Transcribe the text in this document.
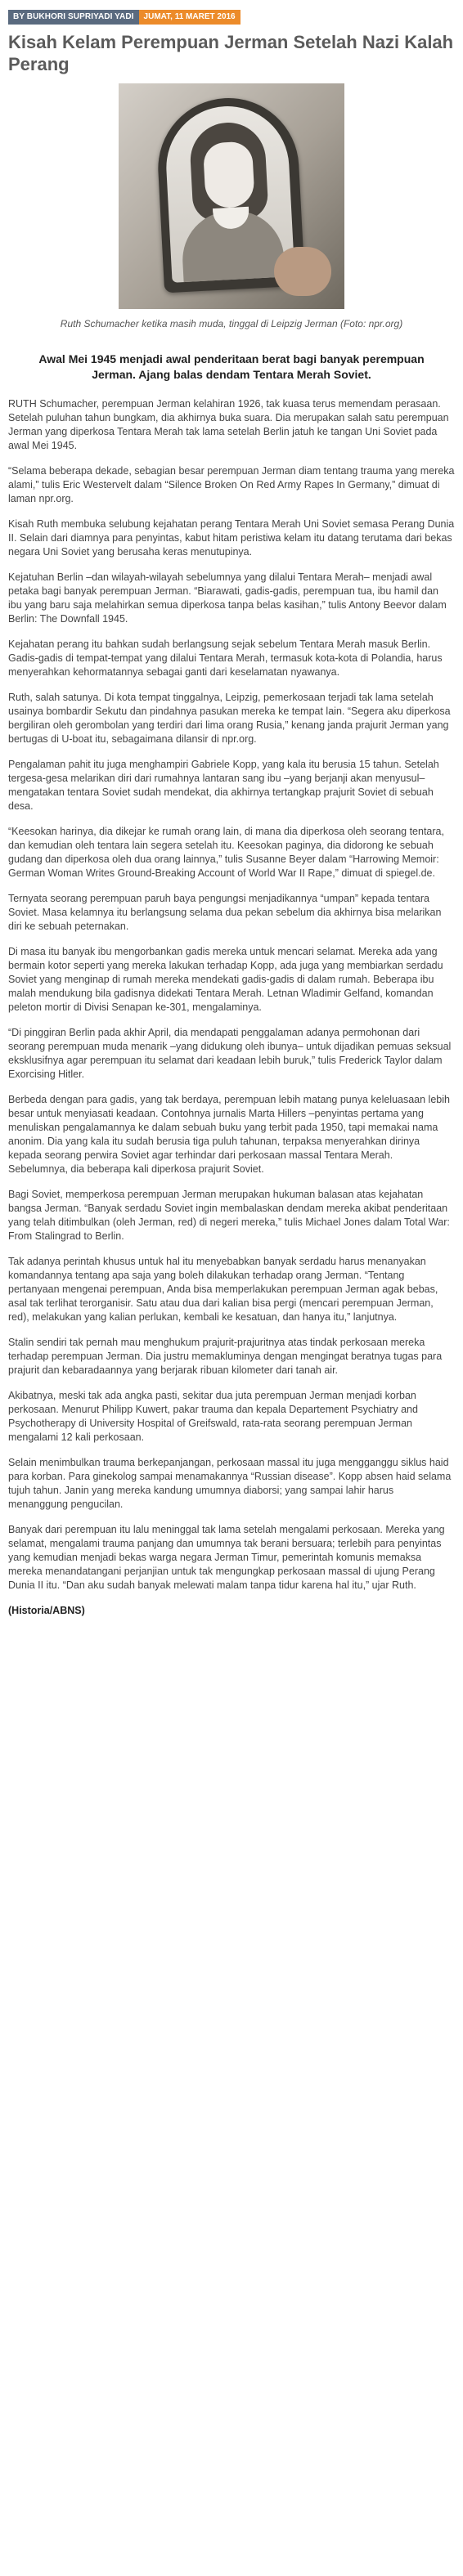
BY BUKHORI SUPRIYADI YADI	JUMAT, 11 MARET 2016
Kisah Kelam Perempuan Jerman Setelah Nazi Kalah Perang
Ruth Schumacher ketika masih muda, tinggal di Leipzig Jerman (Foto: npr.org)
Awal Mei 1945 menjadi awal penderitaan berat bagi banyak perempuan Jerman. Ajang balas dendam Tentara Merah Soviet.

RUTH Schumacher, perempuan Jerman kelahiran 1926, tak kuasa terus memendam perasaan. Setelah puluhan tahun bungkam, dia akhirnya buka suara. Dia merupakan salah satu perempuan Jerman yang diperkosa Tentara Merah tak lama setelah Berlin jatuh ke tangan Uni Soviet pada awal Mei 1945.

“Selama beberapa dekade, sebagian besar perempuan Jerman diam tentang trauma yang mereka alami,” tulis Eric Westervelt dalam “Silence Broken On Red Army Rapes In Germany,” dimuat di laman npr.org.

Kisah Ruth membuka selubung kejahatan perang Tentara Merah Uni Soviet semasa Perang Dunia II. Selain dari diamnya para penyintas, kabut hitam peristiwa kelam itu datang terutama dari bekas negara Uni Soviet yang berusaha keras menutupinya.

Kejatuhan Berlin –dan wilayah-wilayah sebelumnya yang dilalui Tentara Merah– menjadi awal petaka bagi banyak perempuan Jerman. “Biarawati, gadis-gadis, perempuan tua, ibu hamil dan ibu yang baru saja melahirkan semua diperkosa tanpa belas kasihan,” tulis Antony Beevor dalam Berlin: The Downfall 1945.

Kejahatan perang itu bahkan sudah berlangsung sejak sebelum Tentara Merah masuk Berlin. Gadis-gadis di tempat-tempat yang dilalui Tentara Merah, termasuk kota-kota di Polandia, harus menyerahkan kehormatannya sebagai ganti dari keselamatan nyawanya.

Ruth, salah satunya. Di kota tempat tinggalnya, Leipzig, pemerkosaan terjadi tak lama setelah usainya bombardir Sekutu dan pindahnya pasukan mereka ke tempat lain. “Segera aku diperkosa bergiliran oleh gerombolan yang terdiri dari lima orang Rusia,” kenang janda prajurit Jerman yang bertugas di U-boat itu, sebagaimana dilansir di npr.org.

Pengalaman pahit itu juga menghampiri Gabriele Kopp, yang kala itu berusia 15 tahun. Setelah tergesa-gesa melarikan diri dari rumahnya lantaran sang ibu –yang berjanji akan menyusul– mengatakan tentara Soviet sudah mendekat, dia akhirnya tertangkap prajurit Soviet di sebuah desa.

“Keesokan harinya, dia dikejar ke rumah orang lain, di mana dia diperkosa oleh seorang tentara, dan kemudian oleh tentara lain segera setelah itu. Keesokan paginya, dia didorong ke sebuah gudang dan diperkosa oleh dua orang lainnya,” tulis Susanne Beyer dalam “Harrowing Memoir: German Woman Writes Ground-Breaking Account of World War II Rape,” dimuat di spiegel.de.

Ternyata seorang perempuan paruh baya pengungsi menjadikannya “umpan” kepada tentara Soviet. Masa kelamnya itu berlangsung selama dua pekan sebelum dia akhirnya bisa melarikan diri ke sebuah peternakan.

Di masa itu banyak ibu mengorbankan gadis mereka untuk mencari selamat. Mereka ada yang bermain kotor seperti yang mereka lakukan terhadap Kopp, ada juga yang membiarkan serdadu Soviet yang menginap di rumah mereka mendekati gadis-gadis di dalam rumah. Beberapa ibu malah mendukung bila gadisnya didekati Tentara Merah. Letnan Wladimir Gelfand, komandan peleton mortir di Divisi Senapan ke-301, mengalaminya.

“Di pinggiran Berlin pada akhir April, dia mendapati penggalaman adanya permohonan dari seorang perempuan muda menarik –yang didukung oleh ibunya– untuk dijadikan pemuas seksual eksklusifnya agar perempuan itu selamat dari keadaan lebih buruk,” tulis Frederick Taylor dalam Exorcising Hitler.

Berbeda dengan para gadis, yang tak berdaya, perempuan lebih matang punya keleluasaan lebih besar untuk menyiasati keadaan. Contohnya jurnalis Marta Hillers –penyintas pertama yang menuliskan pengalamannya ke dalam sebuah buku yang terbit pada 1950, tapi memakai nama anonim. Dia yang kala itu sudah berusia tiga puluh tahunan, terpaksa menyerahkan dirinya kepada seorang perwira Soviet agar terhindar dari perkosaan massal Tentara Merah. Sebelumnya, dia beberapa kali diperkosa prajurit Soviet.

Bagi Soviet, memperkosa perempuan Jerman merupakan hukuman balasan atas kejahatan bangsa Jerman. “Banyak serdadu Soviet ingin membalaskan dendam mereka akibat penderitaan yang telah ditimbulkan (oleh Jerman, red) di negeri mereka,” tulis Michael Jones dalam Total War: From Stalingrad to Berlin.

Tak adanya perintah khusus untuk hal itu menyebabkan banyak serdadu harus menanyakan komandannya tentang apa saja yang boleh dilakukan terhadap orang Jerman. “Tentang pertanyaan mengenai perempuan, Anda bisa memperlakukan perempuan Jerman agak bebas, asal tak terlihat terorganisir. Satu atau dua dari kalian bisa pergi (mencari perempuan Jerman, red), melakukan yang kalian perlukan, kembali ke kesatuan, dan hanya itu,” lanjutnya.

Stalin sendiri tak pernah mau menghukum prajurit-prajuritnya atas tindak perkosaan mereka terhadap perempuan Jerman. Dia justru memakluminya dengan mengingat beratnya tugas para prajurit dan kebaradaannya yang berjarak ribuan kilometer dari tanah air.

Akibatnya, meski tak ada angka pasti, sekitar dua juta perempuan Jerman menjadi korban perkosaan. Menurut Philipp Kuwert, pakar trauma dan kepala Departement Psychiatry and Psychotherapy di University Hospital of Greifswald, rata-rata seorang perempuan Jerman mengalami 12 kali perkosaan.

Selain menimbulkan trauma berkepanjangan, perkosaan massal itu juga mengganggu siklus haid para korban. Para ginekolog sampai menamakannya “Russian disease”. Kopp absen haid selama tujuh tahun. Janin yang mereka kandung umumnya diaborsi; yang sampai lahir harus menanggung pengucilan.

Banyak dari perempuan itu lalu meninggal tak lama setelah mengalami perkosaan. Mereka yang selamat, mengalami trauma panjang dan umumnya tak berani bersuara; terlebih para penyintas yang kemudian menjadi bekas warga negara Jerman Timur, pemerintah komunis memaksa mereka menandatangani perjanjian untuk tak mengungkap perkosaan massal di ujung Perang Dunia II itu. “Dan aku sudah banyak melewati malam tanpa tidur karena hal itu,” ujar Ruth.

(Historia/ABNS)
